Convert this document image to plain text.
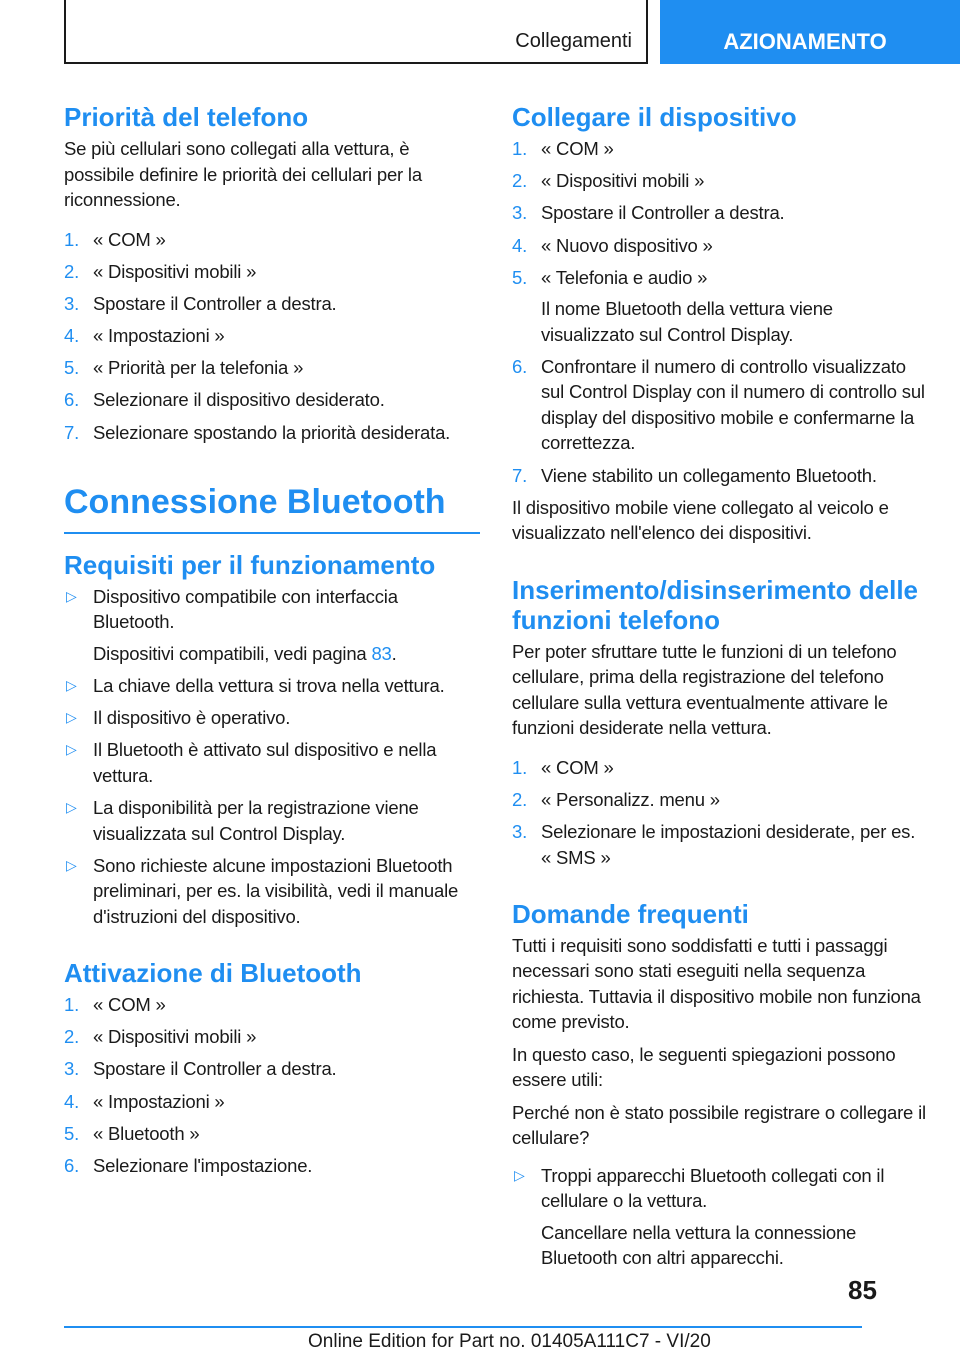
Collegamenti	AZIONAMENTO
Priorità del telefono

Se più cellulari sono collegati alla vettura, è possibile definire le priorità dei cellulari per la riconnessione.

1. « COM »
2. « Dispositivi mobili »
3. Spostare il Controller a destra.
4. « Impostazioni »
5. « Priorità per la telefonia »
6. Selezionare il dispositivo desiderato.
7. Selezionare spostando la priorità desiderata.
Connessione Bluetooth
Requisiti per il funzionamento
▷ Dispositivo compatibile con interfaccia Bluetooth.
Dispositivi compatibili, vedi pagina 83.
▷ La chiave della vettura si trova nella vettura.
▷ Il dispositivo è operativo.
▷ Il Bluetooth è attivato sul dispositivo e nella vettura.
▷ La disponibilità per la registrazione viene visualizzata sul Control Display.
▷ Sono richieste alcune impostazioni Bluetooth preliminari, per es. la visibilità, vedi il manuale d'istruzioni del dispositivo.
Attivazione di Bluetooth
1. « COM »
2. « Dispositivi mobili »
3. Spostare il Controller a destra.
4. « Impostazioni »
5. « Bluetooth »
6. Selezionare l'impostazione.
Collegare il dispositivo
1. « COM »
2. « Dispositivi mobili »
3. Spostare il Controller a destra.
4. « Nuovo dispositivo »
5. « Telefonia e audio »
Il nome Bluetooth della vettura viene visualizzato sul Control Display.
6. Confrontare il numero di controllo visualizzato sul Control Display con il numero di controllo sul display del dispositivo mobile e confermarne la correttezza.
7. Viene stabilito un collegamento Bluetooth.

Il dispositivo mobile viene collegato al veicolo e visualizzato nell'elenco dei dispositivi.

Inserimento/disinserimento delle funzioni telefono

Per poter sfruttare tutte le funzioni di un telefono cellulare, prima della registrazione del telefono cellulare sulla vettura eventualmente attivare le funzioni desiderate nella vettura.

1. « COM »
2. « Personalizz. menu »
3. Selezionare le impostazioni desiderate, per es. « SMS »
Domande frequenti

Tutti i requisiti sono soddisfatti e tutti i passaggi necessari sono stati eseguiti nella sequenza richiesta. Tuttavia il dispositivo mobile non funziona come previsto.

In questo caso, le seguenti spiegazioni possono essere utili:

Perché non è stato possibile registrare o collegare il cellulare?

▷ Troppi apparecchi Bluetooth collegati con il cellulare o la vettura.
Cancellare nella vettura la connessione Bluetooth con altri apparecchi.
85
Online Edition for Part no. 01405A111C7 - VI/20
